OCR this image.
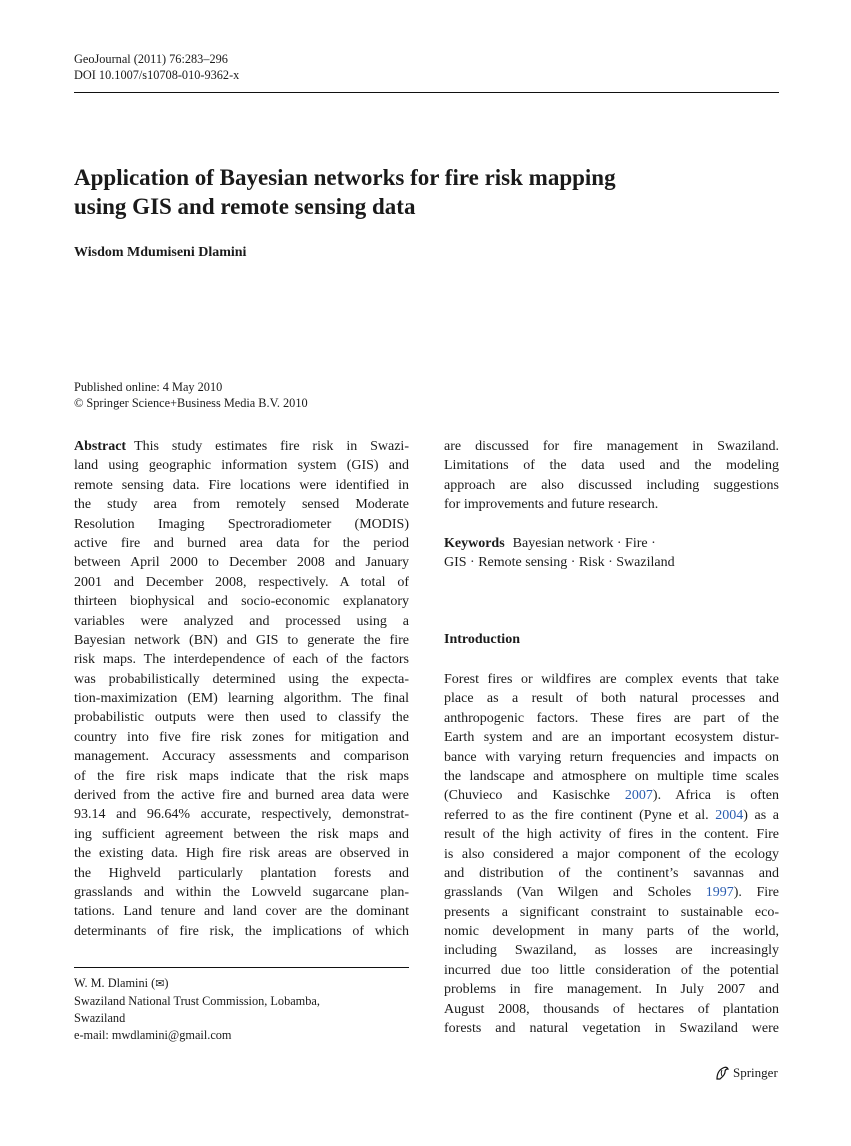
GeoJournal (2011) 76:283–296
DOI 10.1007/s10708-010-9362-x
Application of Bayesian networks for fire risk mapping
using GIS and remote sensing data
Wisdom Mdumiseni Dlamini
Published online: 4 May 2010
© Springer Science+Business Media B.V. 2010
Abstract This study estimates fire risk in Swazi-
land using geographic information system (GIS) and
remote sensing data. Fire locations were identified in
the study area from remotely sensed Moderate
Resolution Imaging Spectroradiometer (MODIS)
active fire and burned area data for the period
between April 2000 to December 2008 and January
2001 and December 2008, respectively. A total of
thirteen biophysical and socio-economic explanatory
variables were analyzed and processed using a
Bayesian network (BN) and GIS to generate the fire
risk maps. The interdependence of each of the factors
was probabilistically determined using the expecta-
tion-maximization (EM) learning algorithm. The final
probabilistic outputs were then used to classify the
country into five fire risk zones for mitigation and
management. Accuracy assessments and comparison
of the fire risk maps indicate that the risk maps
derived from the active fire and burned area data were
93.14 and 96.64% accurate, respectively, demonstrat-
ing sufficient agreement between the risk maps and
the existing data. High fire risk areas are observed in
the Highveld particularly plantation forests and
grasslands and within the Lowveld sugarcane plan-
tations. Land tenure and land cover are the dominant
determinants of fire risk, the implications of which
are discussed for fire management in Swaziland.
Limitations of the data used and the modeling
approach are also discussed including suggestions
for improvements and future research.
Keywords Bayesian network · Fire ·
GIS · Remote sensing · Risk · Swaziland
W. M. Dlamini (✉)
Swaziland National Trust Commission, Lobamba,
Swaziland
e-mail: mwdlamini@gmail.com
Introduction
Forest fires or wildfires are complex events that take
place as a result of both natural processes and
anthropogenic factors. These fires are part of the
Earth system and are an important ecosystem distur-
bance with varying return frequencies and impacts on
the landscape and atmosphere on multiple time scales
(Chuvieco and Kasischke 2007). Africa is often
referred to as the fire continent (Pyne et al. 2004) as a
result of the high activity of fires in the content. Fire
is also considered a major component of the ecology
and distribution of the continent’s savannas and
grasslands (Van Wilgen and Scholes 1997). Fire
presents a significant constraint to sustainable eco-
nomic development in many parts of the world,
including Swaziland, as losses are increasingly
incurred due too little consideration of the potential
problems in fire management. In July 2007 and
August 2008, thousands of hectares of plantation
forests and natural vegetation in Swaziland were
Springer
